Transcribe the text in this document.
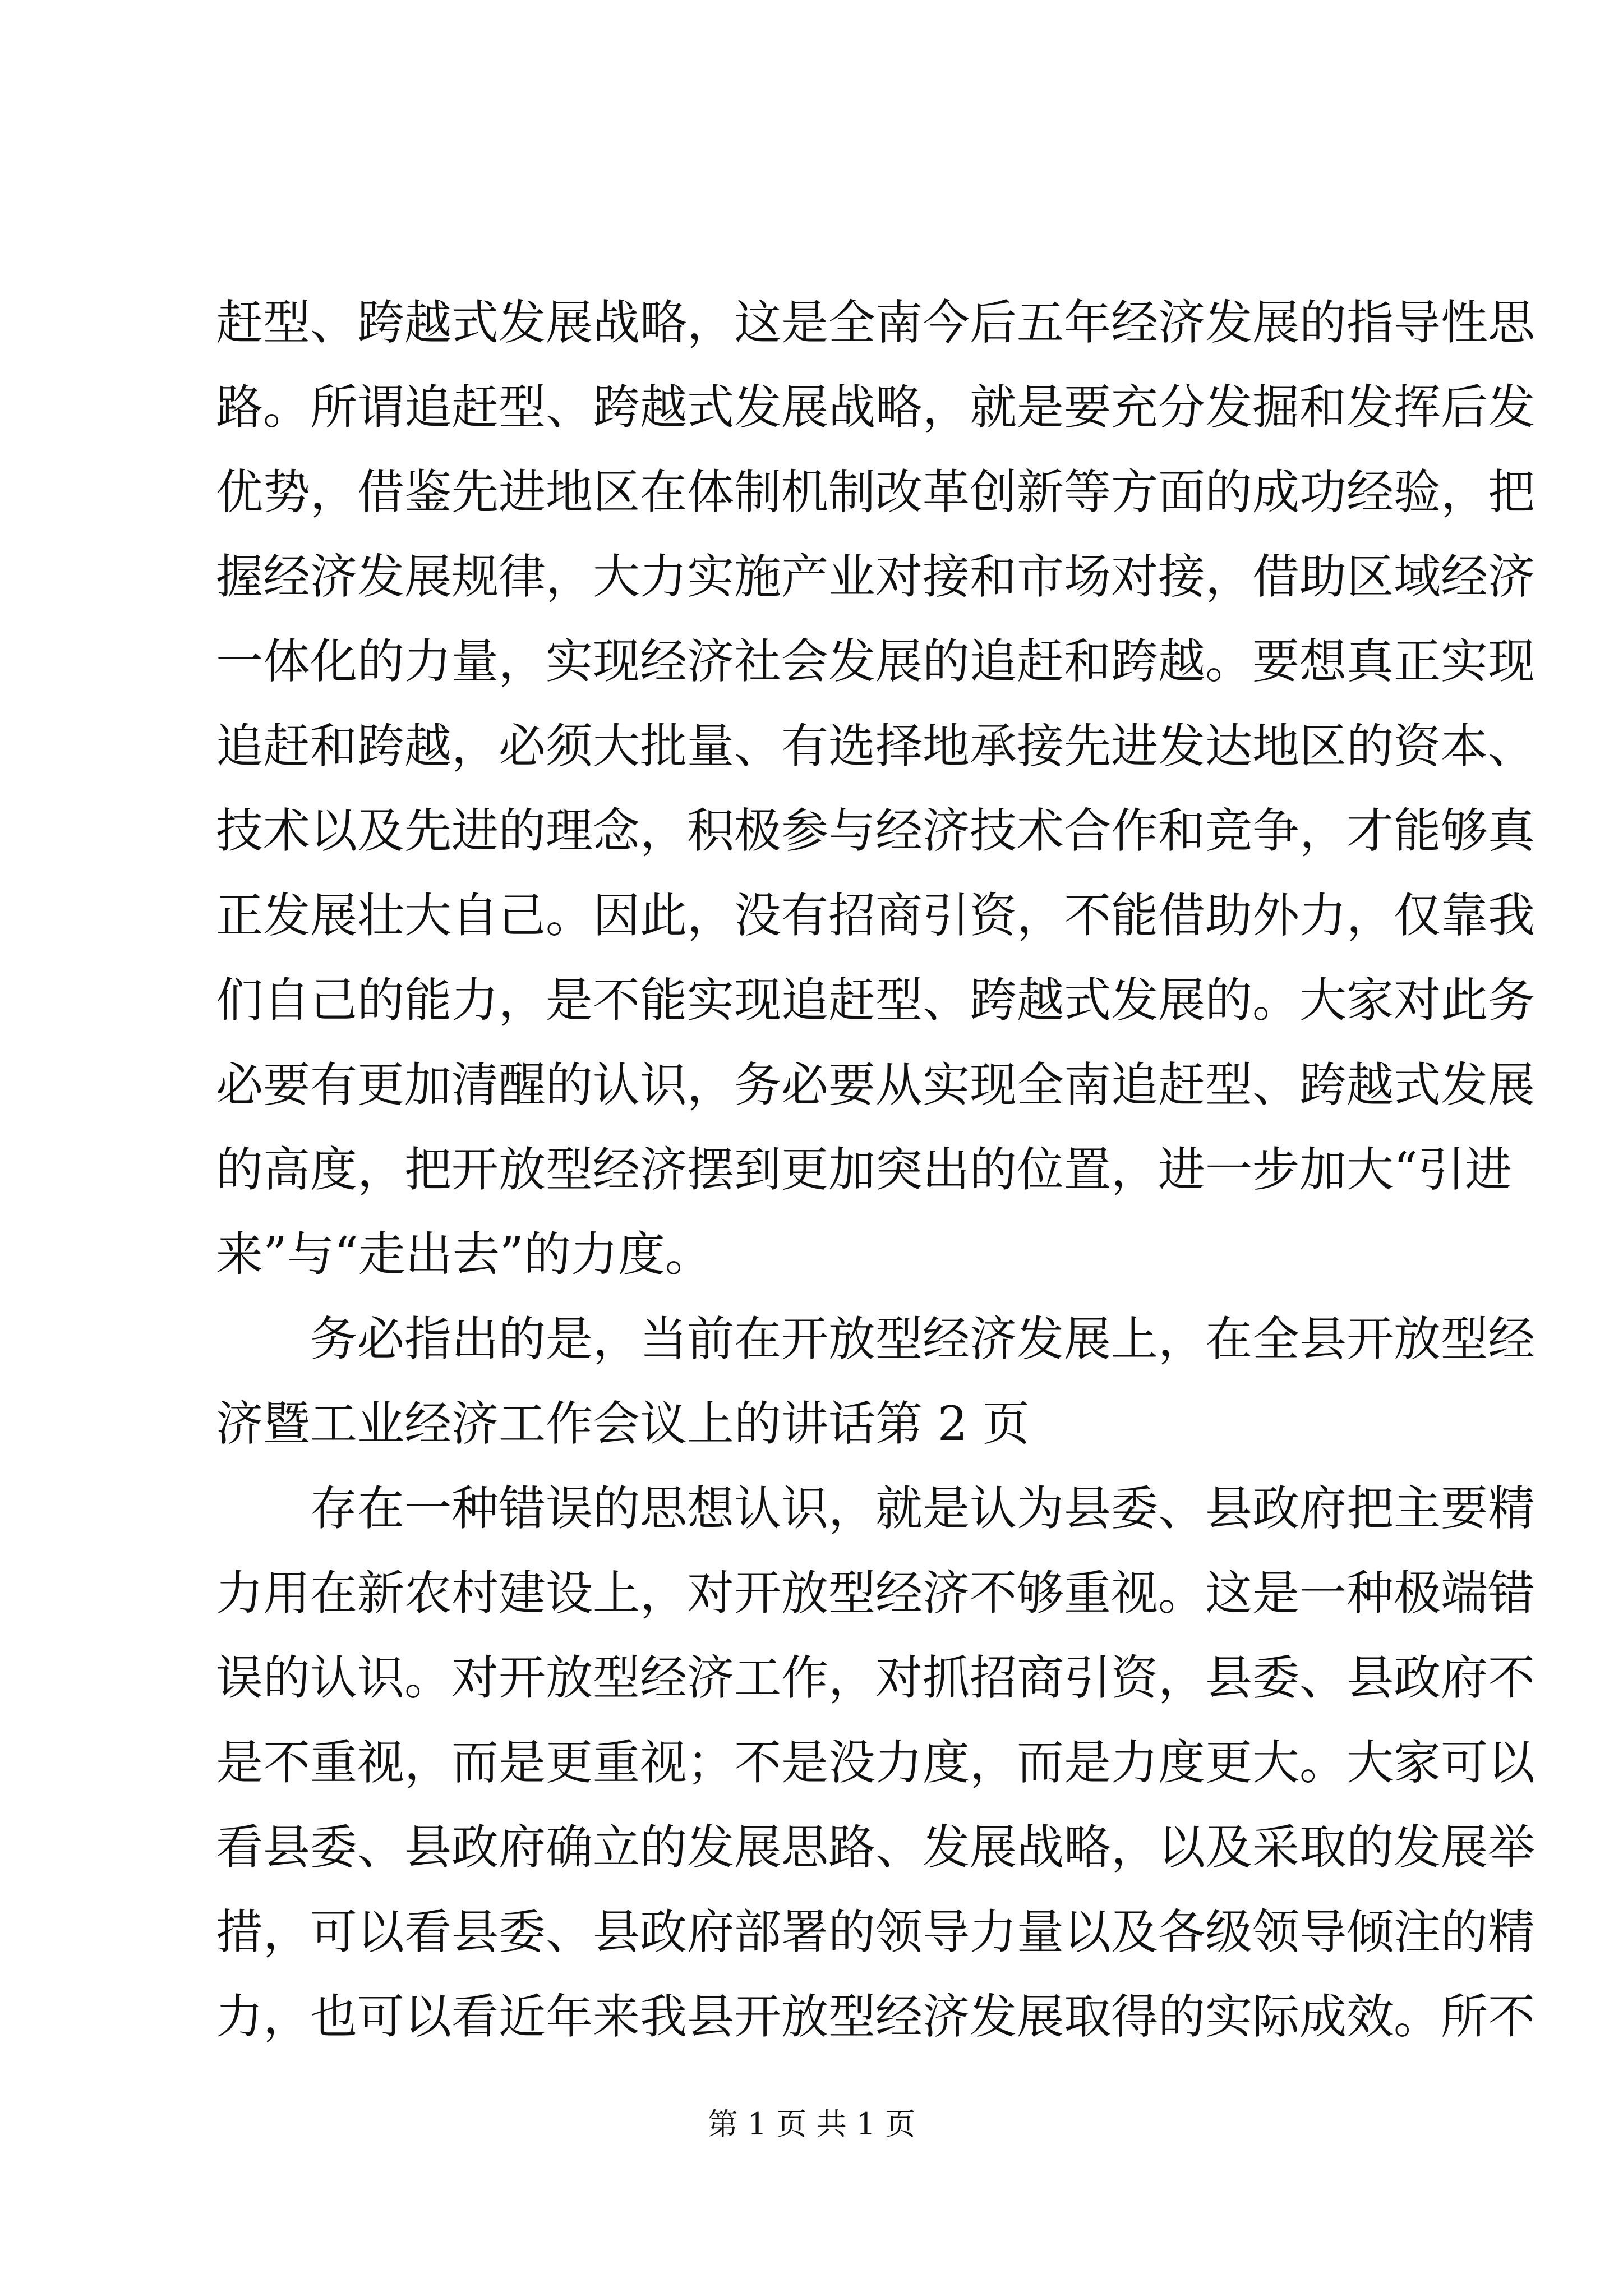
赶型、跨越式发展战略，这是全南今后五年经济发展的指导性思
路。所谓追赶型、跨越式发展战略，就是要充分发掘和发挥后发
优势，借鉴先进地区在体制机制改革创新等方面的成功经验，把
握经济发展规律，大力实施产业对接和市场对接，借助区域经济
一体化的力量，实现经济社会发展的追赶和跨越。要想真正实现
追赶和跨越，必须大批量、有选择地承接先进发达地区的资本、
技术以及先进的理念，积极参与经济技术合作和竞争，才能够真
正发展壮大自己。因此，没有招商引资，不能借助外力，仅靠我
们自己的能力，是不能实现追赶型、跨越式发展的。大家对此务
必要有更加清醒的认识，务必要从实现全南追赶型、跨越式发展
的高度，把开放型经济摆到更加突出的位置，进一步加大“引进
来”与“走出去”的力度。
务必指出的是，当前在开放型经济发展上，在全县开放型经
济暨工业经济工作会议上的讲话第 2 页
存在一种错误的思想认识，就是认为县委、县政府把主要精
力用在新农村建设上，对开放型经济不够重视。这是一种极端错
误的认识。对开放型经济工作，对抓招商引资，县委、县政府不
是不重视，而是更重视；不是没力度，而是力度更大。大家可以
看县委、县政府确立的发展思路、发展战略，以及采取的发展举
措，可以看县委、县政府部署的领导力量以及各级领导倾注的精
力，也可以看近年来我县开放型经济发展取得的实际成效。所不
第 1 页 共 1 页
